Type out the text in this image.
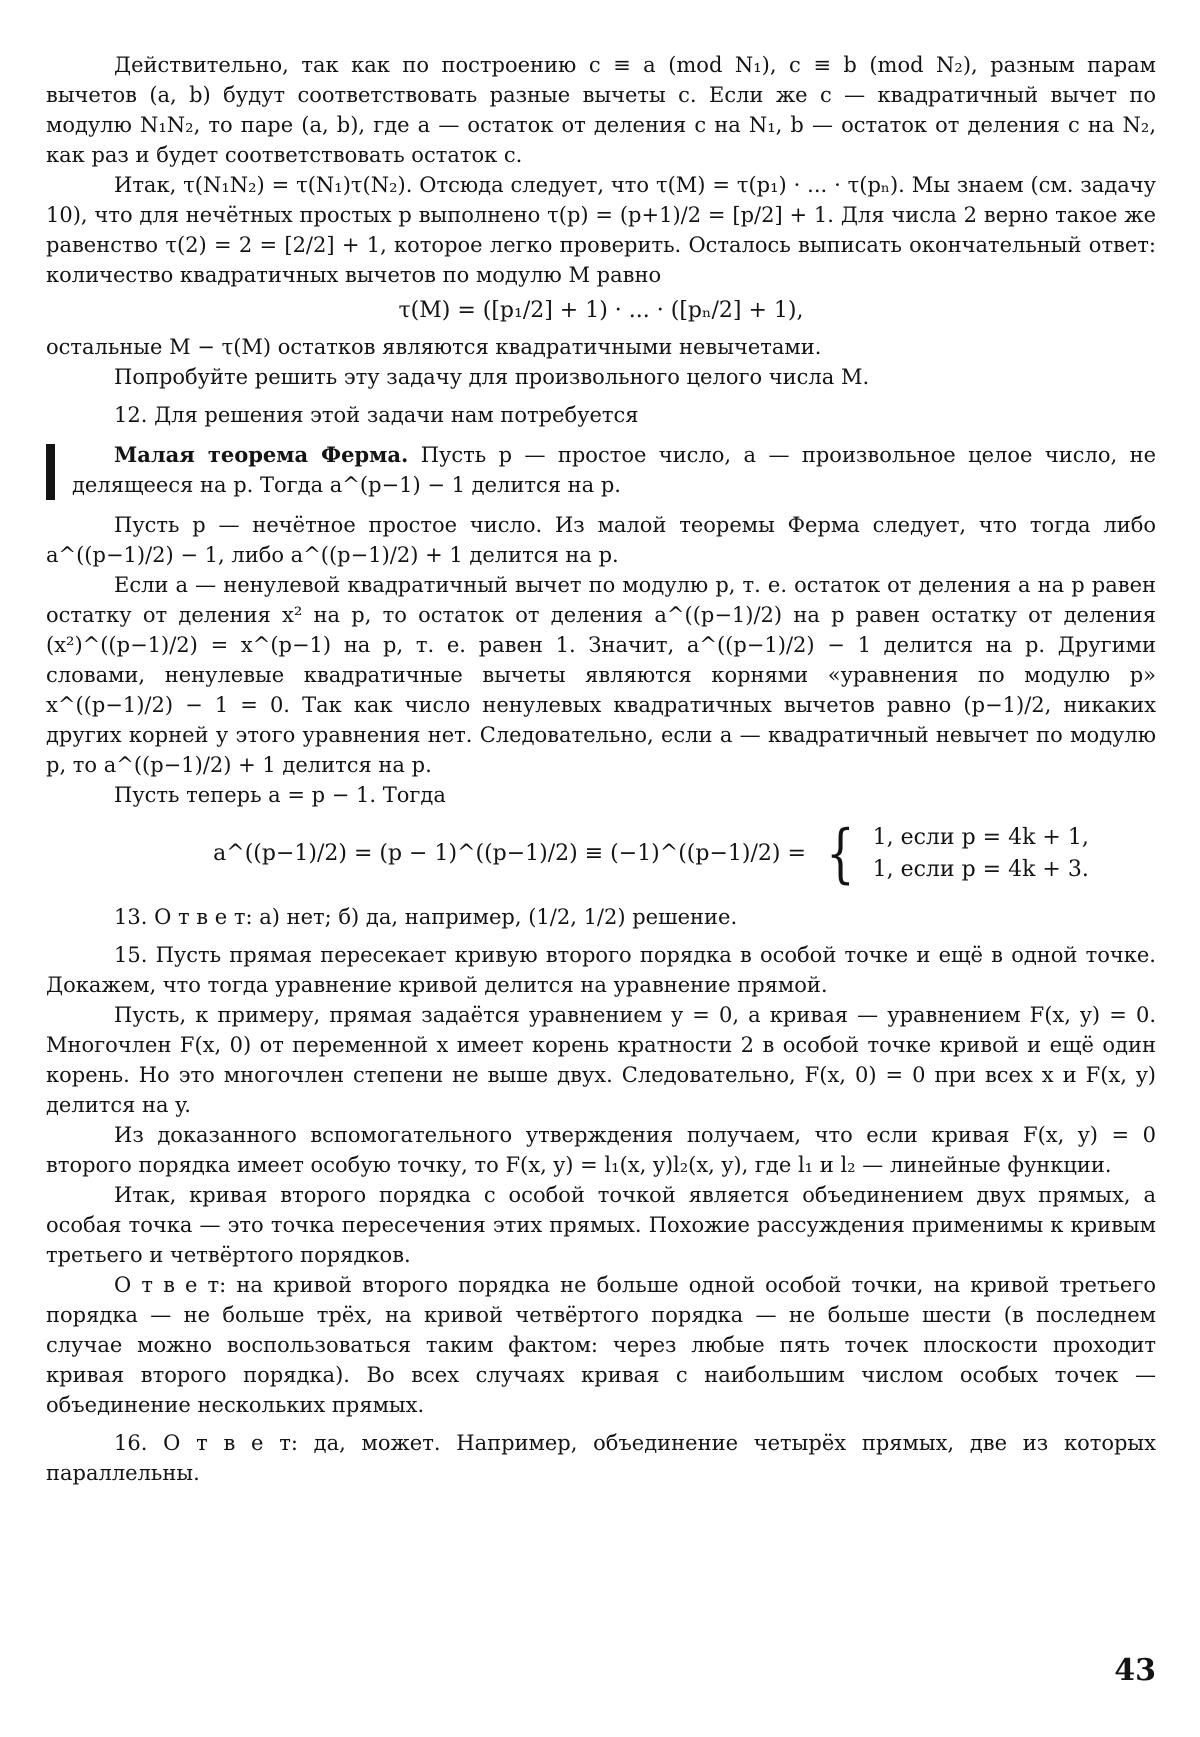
Действительно, так как по построению c ≡ a (mod N₁), c ≡ b (mod N₂), разным парам вычетов (a, b) будут соответствовать разные вычеты c. Если же c — квадратичный вычет по модулю N₁N₂, то паре (a, b), где a — остаток от деления c на N₁, b — остаток от деления c на N₂, как раз и будет соответствовать остаток c.

Итак, τ(N₁N₂) = τ(N₁)τ(N₂). Отсюда следует, что τ(M) = τ(p₁) · ... · τ(pₙ). Мы знаем (см. задачу 10), что для нечётных простых p выполнено τ(p) = (p+1)/2 = [p/2] + 1. Для числа 2 верно такое же равенство τ(2) = 2 = [2/2] + 1, которое легко проверить. Осталось выписать окончательный ответ: количество квадратичных вычетов по модулю M равно

τ(M) = ([p₁/2] + 1) · ... · ([pₙ/2] + 1),

остальные M − τ(M) остатков являются квадратичными невычетами.

Попробуйте решить эту задачу для произвольного целого числа M.

12. Для решения этой задачи нам потребуется

Малая теорема Ферма. Пусть p — простое число, a — произвольное целое число, не делящееся на p. Тогда a^(p−1) − 1 делится на p.

Пусть p — нечётное простое число. Из малой теоремы Ферма следует, что тогда либо a^((p−1)/2) − 1, либо a^((p−1)/2) + 1 делится на p.

Если a — ненулевой квадратичный вычет по модулю p, т. е. остаток от деления a на p равен остатку от деления x² на p, то остаток от деления a^((p−1)/2) на p равен остатку от деления (x²)^((p−1)/2) = x^(p−1) на p, т. е. равен 1. Значит, a^((p−1)/2) − 1 делится на p. Другими словами, ненулевые квадратичные вычеты являются корнями «уравнения по модулю p» x^((p−1)/2) − 1 = 0. Так как число ненулевых квадратичных вычетов равно (p−1)/2, никаких других корней у этого уравнения нет. Следовательно, если a — квадратичный невычет по модулю p, то a^((p−1)/2) + 1 делится на p.

Пусть теперь a = p − 1. Тогда

a^((p−1)/2) = (p − 1)^((p−1)/2) ≡ (−1)^((p−1)/2) = { 1, если p = 4k + 1,
1, если p = 4k + 3.

13. О т в е т: а) нет; б) да, например, (1/2, 1/2) решение.

15. Пусть прямая пересекает кривую второго порядка в особой точке и ещё в одной точке. Докажем, что тогда уравнение кривой делится на уравнение прямой.

Пусть, к примеру, прямая задаётся уравнением y = 0, а кривая — уравнением F(x, y) = 0. Многочлен F(x, 0) от переменной x имеет корень кратности 2 в особой точке кривой и ещё один корень. Но это многочлен степени не выше двух. Следовательно, F(x, 0) = 0 при всех x и F(x, y) делится на y.

Из доказанного вспомогательного утверждения получаем, что если кривая F(x, y) = 0 второго порядка имеет особую точку, то F(x, y) = l₁(x, y)l₂(x, y), где l₁ и l₂ — линейные функции.

Итак, кривая второго порядка с особой точкой является объединением двух прямых, а особая точка — это точка пересечения этих прямых. Похожие рассуждения применимы к кривым третьего и четвёртого порядков.

О т в е т: на кривой второго порядка не больше одной особой точки, на кривой третьего порядка — не больше трёх, на кривой четвёртого порядка — не больше шести (в последнем случае можно воспользоваться таким фактом: через любые пять точек плоскости проходит кривая второго порядка). Во всех случаях кривая с наибольшим числом особых точек — объединение нескольких прямых.

16. О т в е т: да, может. Например, объединение четырёх прямых, две из которых параллельны.

43
